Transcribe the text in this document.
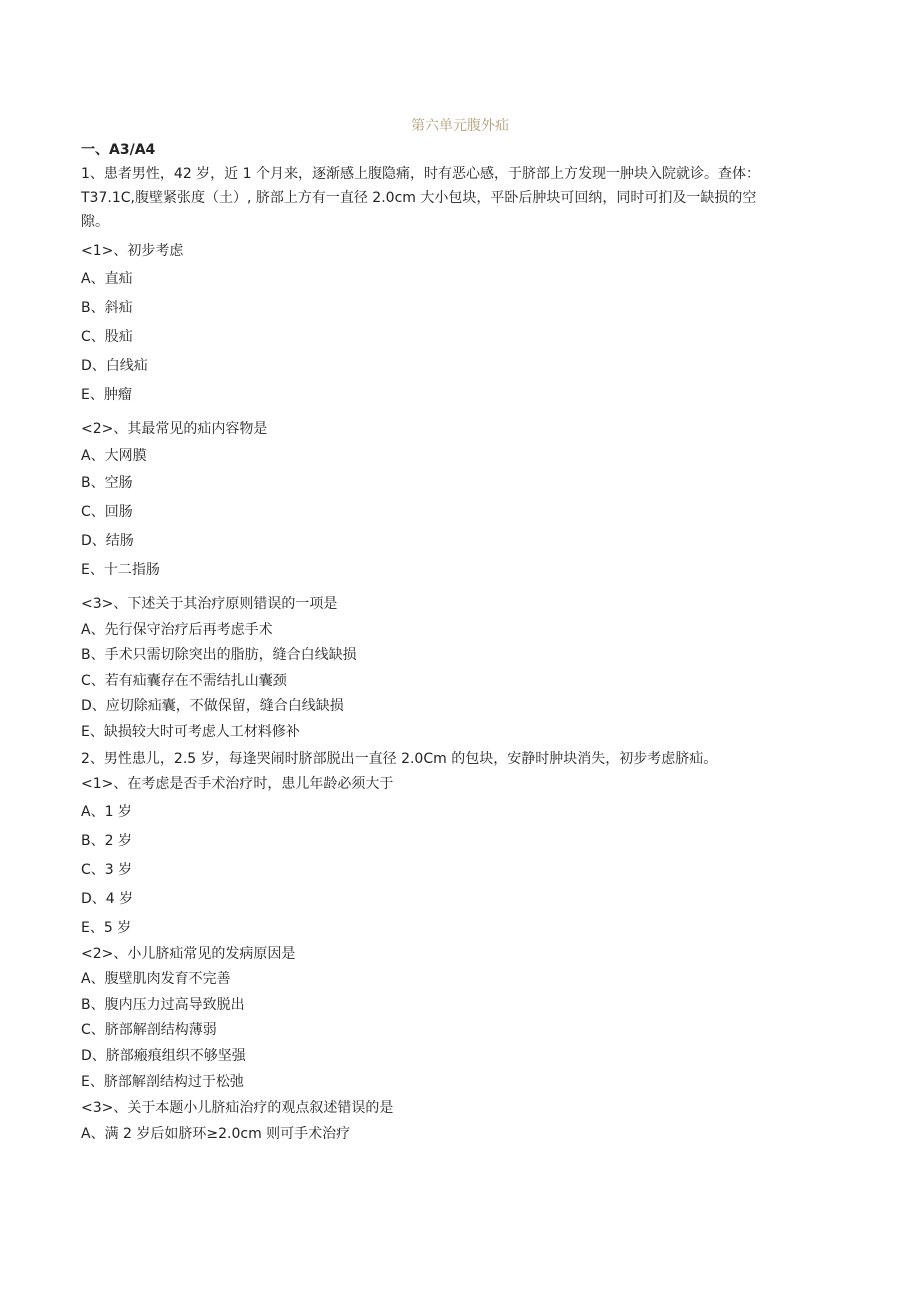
第六单元腹外疝
一、A3/A4
1、患者男性，42 岁，近 1 个月来，逐渐感上腹隐痛，时有恶心感，于脐部上方发现一肿块入院就诊。查体：
T37.1C,腹壁紧张度（土）, 脐部上方有一直径 2.0cm 大小包块，平卧后肿块可回纳，同时可扪及一缺损的空
隙。
<1>、初步考虑
A、直疝
B、斜疝
C、股疝
D、白线疝
E、肿瘤
<2>、其最常见的疝内容物是
A、大网膜
B、空肠
C、回肠
D、结肠
E、十二指肠
<3>、下述关于其治疗原则错误的一项是
A、先行保守治疗后再考虑手术
B、手术只需切除突出的脂肪，缝合白线缺损
C、若有疝囊存在不需结扎山囊颈
D、应切除疝囊，不做保留，缝合白线缺损
E、缺损较大时可考虑人工材料修补
2、男性患儿，2.5 岁，每逢哭闹时脐部脱出一直径 2.0Cm 的包块，安静时肿块消失，初步考虑脐疝。
<1>、在考虑是否手术治疗时，患儿年龄必须大于
A、1 岁
B、2 岁
C、3 岁
D、4 岁
E、5 岁
<2>、小儿脐疝常见的发病原因是
A、腹壁肌肉发育不完善
B、腹内压力过高导致脱出
C、脐部解剖结构薄弱
D、脐部瘢痕组织不够坚强
E、脐部解剖结构过于松弛
<3>、关于本题小儿脐疝治疗的观点叙述错误的是
A、满 2 岁后如脐环≥2.0cm 则可手术治疗
